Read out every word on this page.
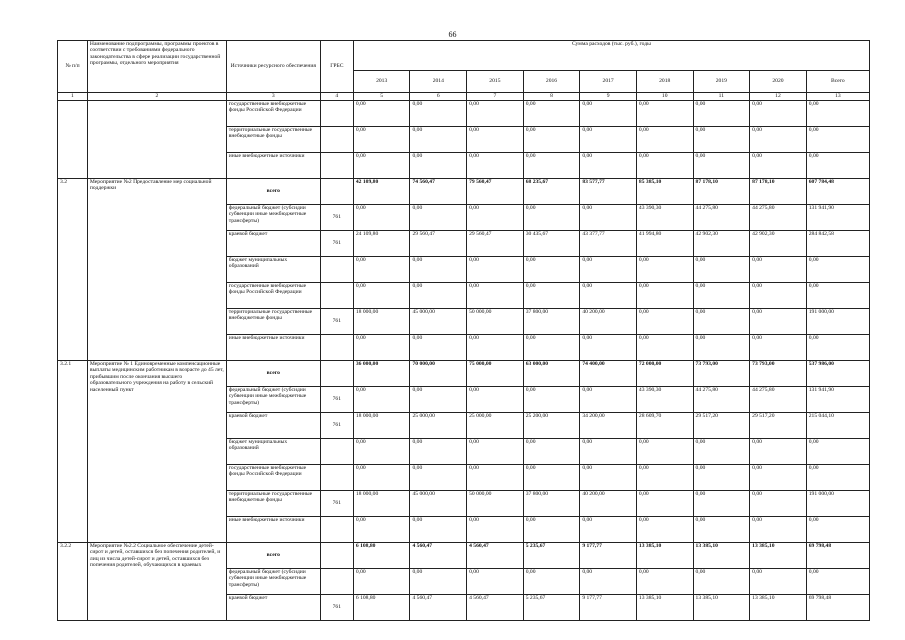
66
№ п/п	Наименование подпрограммы, программы проектов в соответствии с требованиями федерального законодательства в сфере реализации государственной программы, отдельного мероприятия	Источники ресурсного обеспечения	ГРБС	Сумма расходов (тыс. руб.), годы								
				2013	2014	2015	2016	2017	2018	2019	2020	Всего
1	2	3	4	5	6	7	8	9	10	11	12	13
		государственные внебюджетные фонды Российской Федерации		0,00	0,00	0,00	0,00	0,00	0,00	0,00	0,00	0,00
		территориальные государственные внебюджетные фонды		0,00	0,00	0,00	0,00	0,00	0,00	0,00	0,00	0,00
		иные внебюджетные источники		0,00	0,00	0,00	0,00	0,00	0,00	0,00	0,00	0,00
3.2	Мероприятие №2 Предоставление мер социальной поддержки	всего		42 109,80	74 560,47	79 560,47	68 235,67	83 577,77	85 385,10	87 178,10	87 178,10	607 784,48
		федеральный бюджет (субсидии субвенции иные межбюджетные трансферты)	761	0,00	0,00	0,00	0,00	0,00	43 390,30	44 275,80	44 275,80	131 941,90
		краевой бюджет	761	24 109,80	29 560,47	29 560,47	30 435,67	43 377,77	41 994,80	42 902,30	42 902,30	284 842,58
		бюджет муниципальных образований		0,00	0,00	0,00	0,00	0,00	0,00	0,00	0,00	0,00
		государственные внебюджетные фонды Российской Федерации		0,00	0,00	0,00	0,00	0,00	0,00	0,00	0,00	0,00
		территориальные государственные внебюджетные фонды	761	18 000,00	45 000,00	50 000,00	37 800,00	40 200,00	0,00	0,00	0,00	191 000,00
		иные внебюджетные источники		0,00	0,00	0,00	0,00	0,00	0,00	0,00	0,00	0,00
3.2.1	Мероприятие № 1 Единовременные компенсационные выплаты медицинским работникам в возрасте до 45 лет, прибывшим после окончания высшего образовательного учреждения на работу в сельский населенный пункт	всего		36 000,00	70 000,00	75 000,00	63 000,00	74 400,00	72 000,00	73 793,00	73 793,00	537 986,00
		федеральный бюджет (субсидии субвенции иные межбюджетные трансферты)	761	0,00	0,00	0,00	0,00	0,00	43 390,30	44 275,80	44 275,80	131 941,90
		краевой бюджет	761	18 000,00	25 000,00	25 000,00	25 200,00	34 200,00	28 609,70	29 517,20	29 517,20	215 044,10
		бюджет муниципальных образований		0,00	0,00	0,00	0,00	0,00	0,00	0,00	0,00	0,00
		государственные внебюджетные фонды Российской Федерации		0,00	0,00	0,00	0,00	0,00	0,00	0,00	0,00	0,00
		территориальные государственные внебюджетные фонды	761	18 000,00	45 000,00	50 000,00	37 800,00	40 200,00	0,00	0,00	0,00	191 000,00
		иные внебюджетные источники		0,00	0,00	0,00	0,00	0,00	0,00	0,00	0,00	0,00
3.2.2	Мероприятие №2.2 Социальное обеспечение детей-сирот и детей, оставшихся без попечения родителей, и лиц из числа детей-сирот и детей, оставшихся без попечения родителей, обучающихся в краевых	всего		6 108,80	4 560,47	4 560,47	5 235,67	9 177,77	13 385,10	13 385,10	13 385,10	69 798,48
		федеральный бюджет (субсидии субвенции иные межбюджетные трансферты)		0,00	0,00	0,00	0,00	0,00	0,00	0,00	0,00	0,00
		краевой бюджет	761	6 108,80	4 560,47	4 560,47	5 235,67	9 177,77	13 385,10	13 385,10	13 385,10	69 798,48
